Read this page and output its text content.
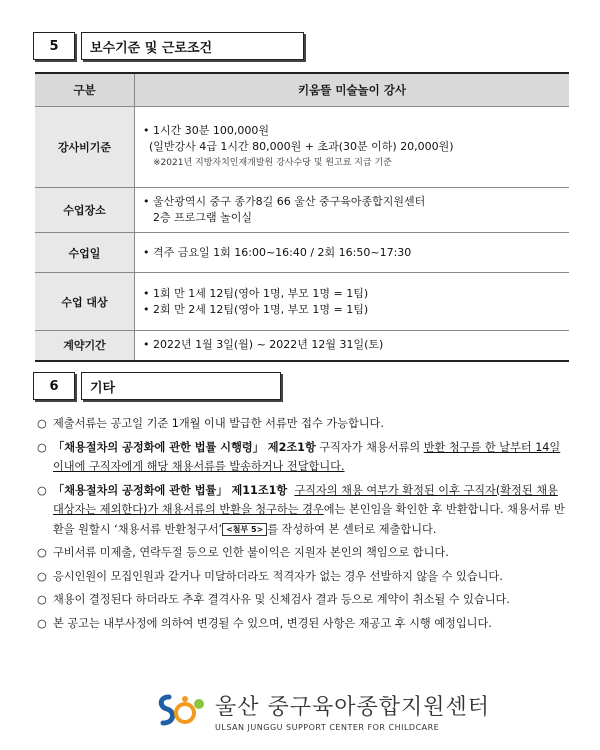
5	보수기준 및 근로조건
구분	키움뜰 미술놀이 강사
강사비기준	• 1시간 30분 100,000원
(일반강사 4급 1시간 80,000원 + 초과(30분 이하) 20,000원)
※2021년 지방자치인재개발원 강사수당 및 원고료 지급 기준

수업장소	• 울산광역시 중구 종가8길 66 울산 중구육아종합지원센터
2층 프로그램 놀이실

수업일	• 격주 금요일 1회 16:00~16:40 / 2회 16:50~17:30

수업 대상	• 1회 만 1세 12팀(영아 1명, 부모 1명 = 1팀)
• 2회 만 2세 12팀(영아 1명, 부모 1명 = 1팀)

계약기간	• 2022년 1월 3일(월) ~ 2022년 12월 31일(토)
6	기타
○ 제출서류는 공고일 기준 1개월 이내 발급한 서류만 접수 가능합니다.
○ 「채용절차의 공정화에 관한 법률 시행령」 제2조1항 구직자가 채용서류의 반환 청구를 한 날부터 14일 이내에 구직자에게 해당 채용서류를 발송하거나 전달합니다.
○ 「채용절차의 공정화에 관한 법률」 제11조1항 구직자의 채용 여부가 확정된 이후 구직자(확정된 채용대상자는 제외한다)가 채용서류의 반환을 청구하는 경우에는 본인임을 확인한 후 반환합니다. 채용서류 반환을 원할시 ‘채용서류 반환청구서’ <첨부 5> 를 작성하여 본 센터로 제출합니다.
○ 구비서류 미제출, 연락두절 등으로 인한 불이익은 지원자 본인의 책임으로 합니다.
○ 응시인원이 모집인원과 같거나 미달하더라도 적격자가 없는 경우 선발하지 않을 수 있습니다.
○ 채용이 결정된다 하더라도 추후 결격사유 및 신체검사 결과 등으로 계약이 취소될 수 있습니다.
○ 본 공고는 내부사정에 의하여 변경될 수 있으며, 변경된 사항은 재공고 후 시행 예정입니다.
울산 중구육아종합지원센터
ULSAN JUNGGU SUPPORT CENTER FOR CHILDCARE
